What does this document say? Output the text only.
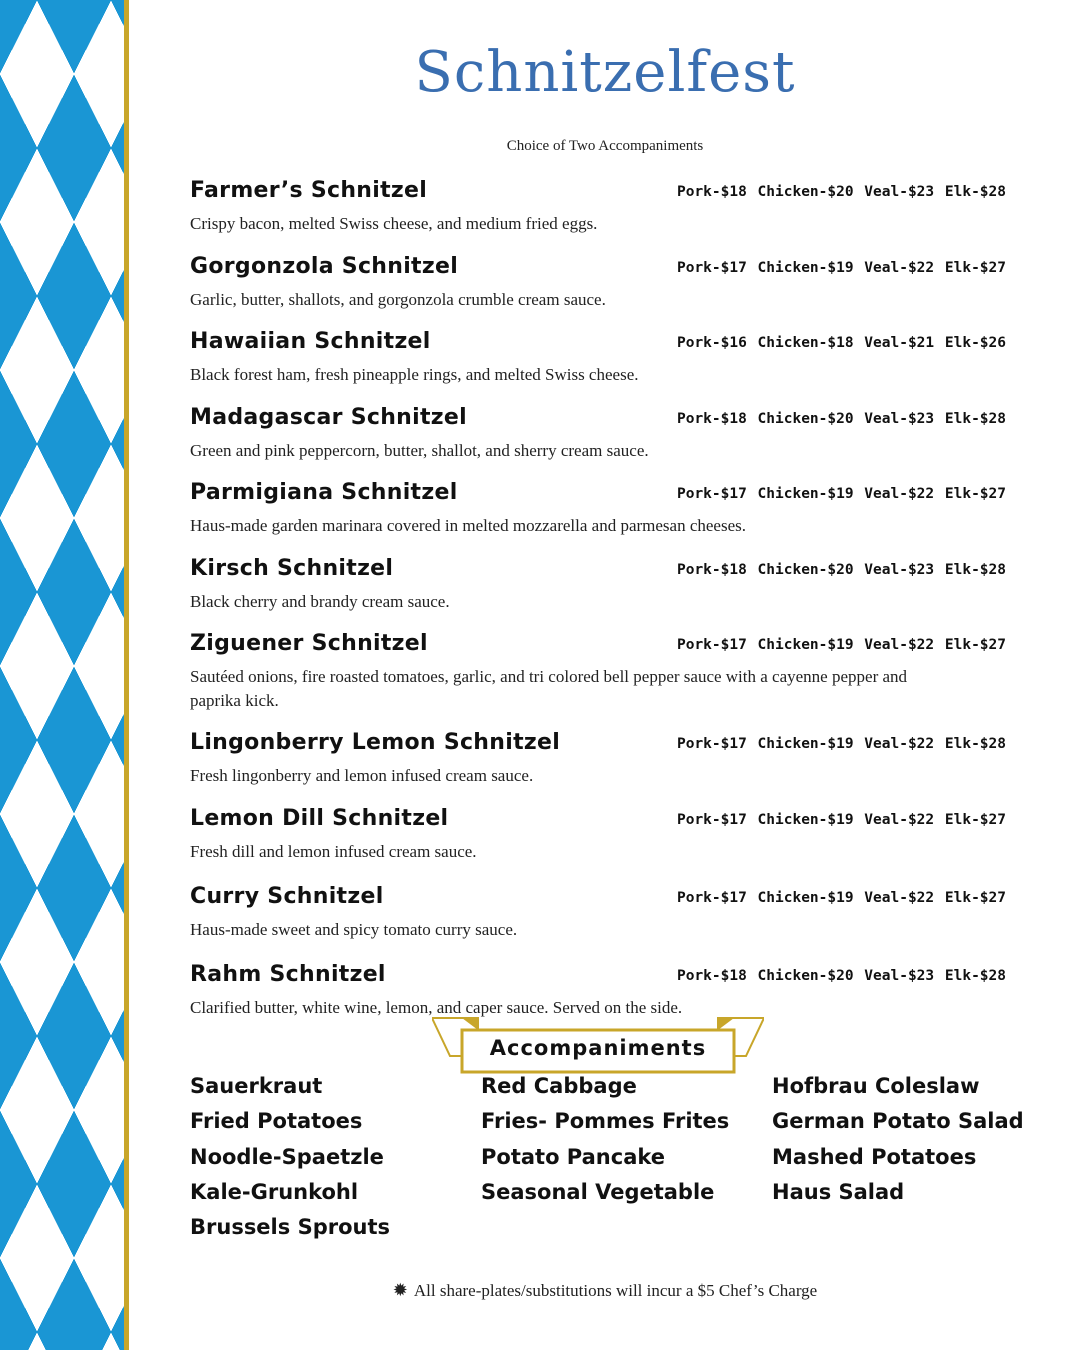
Schnitzelfest
Choice of Two Accompaniments
Farmer’s Schnitzel	Pork-$18 Chicken-$20 Veal-$23 Elk-$28
Crispy bacon, melted Swiss cheese, and medium fried eggs.
Gorgonzola Schnitzel	Pork-$17 Chicken-$19 Veal-$22 Elk-$27
Garlic, butter, shallots, and gorgonzola crumble cream sauce.
Hawaiian Schnitzel	Pork-$16 Chicken-$18 Veal-$21 Elk-$26
Black forest ham, fresh pineapple rings, and melted Swiss cheese.
Madagascar Schnitzel	Pork-$18 Chicken-$20 Veal-$23 Elk-$28
Green and pink peppercorn, butter, shallot, and sherry cream sauce.
Parmigiana Schnitzel	Pork-$17 Chicken-$19 Veal-$22 Elk-$27
Haus-made garden marinara covered in melted mozzarella and parmesan cheeses.
Kirsch Schnitzel	Pork-$18 Chicken-$20 Veal-$23 Elk-$28
Black cherry and brandy cream sauce.
Ziguener Schnitzel	Pork-$17 Chicken-$19 Veal-$22 Elk-$27
Sautéed onions, fire roasted tomatoes, garlic, and tri colored bell pepper sauce with a cayenne pepper and paprika kick.
Lingonberry Lemon Schnitzel	Pork-$17 Chicken-$19 Veal-$22 Elk-$28
Fresh lingonberry and lemon infused cream sauce.
Lemon Dill Schnitzel	Pork-$17 Chicken-$19 Veal-$22 Elk-$27
Fresh dill and lemon infused cream sauce.
Curry Schnitzel	Pork-$17 Chicken-$19 Veal-$22 Elk-$27
Haus-made sweet and spicy tomato curry sauce.
Rahm Schnitzel	Pork-$18 Chicken-$20 Veal-$23 Elk-$28
Clarified butter, white wine, lemon, and caper sauce. Served on the side.
Accompaniments
Sauerkraut
Fried Potatoes
Noodle-Spaetzle
Kale-Grunkohl
Brussels Sprouts
Red Cabbage
Fries- Pommes Frites
Potato Pancake
Seasonal Vegetable
Hofbrau Coleslaw
German Potato Salad
Mashed Potatoes
Haus Salad
✹ All share-plates/substitutions will incur a $5 Chef’s Charge
